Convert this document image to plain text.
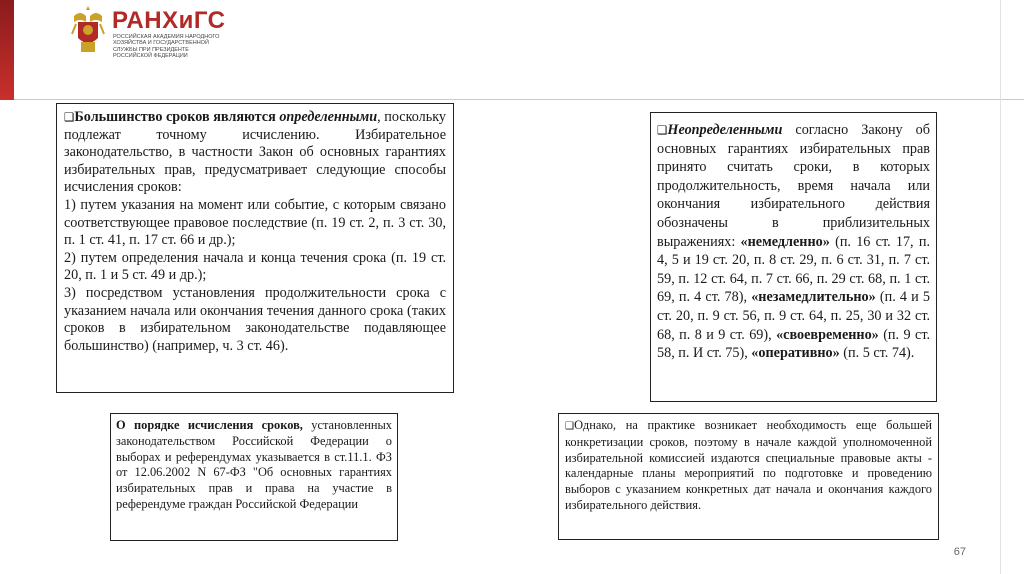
РАНХиГС
РОССИЙСКАЯ АКАДЕМИЯ НАРОДНОГО ХОЗЯЙСТВА И ГОСУДАРСТВЕННОЙ СЛУЖБЫ ПРИ ПРЕЗИДЕНТЕ РОССИЙСКОЙ ФЕДЕРАЦИИ

❑Большинство сроков являются определенными, поскольку подлежат точному исчислению. Избирательное законодательство, в частности Закон об основных гарантиях избирательных прав, предусматривает следующие способы исчисления сроков:

1) путем указания на момент или событие, с которым связано соответствующее правовое последствие (п. 19 ст. 2, п. 3 ст. 30, п. 1 ст. 41, п. 17 ст. 66 и др.);

2) путем определения начала и конца течения срока (п. 19 ст. 20, п. 1 и 5 ст. 49 и др.);

3) посредством установления продолжительности срока с указанием начала или окончания течения данного срока (таких сроков в избирательном законодательстве подавляющее большинство) (например, ч. 3 ст. 46).

❑Неопределенными согласно Закону об основных гарантиях избирательных прав принято считать сроки, в которых продолжительность, время начала или окончания избирательного действия обозначены в приблизительных выражениях: «немедленно» (п. 16 ст. 17, п. 4, 5 и 19 ст. 20, п. 8 ст. 29, п. 6 ст. 31, п. 7 ст. 59, п. 12 ст. 64, п. 7 ст. 66, п. 29 ст. 68, п. 1 ст. 69, п. 4 ст. 78), «незамедлительно» (п. 4 и 5 ст. 20, п. 9 ст. 56, п. 9 ст. 64, п. 25, 30 и 32 ст. 68, п. 8 и 9 ст. 69), «своевременно» (п. 9 ст. 58, п. И ст. 75), «оперативно» (п. 5 ст. 74).

О порядке исчисления сроков, установленных законодательством Российской Федерации о выборах и референдумах указывается в ст.11.1. ФЗ от 12.06.2002 N 67-ФЗ "Об основных гарантиях избирательных прав и права на участие в референдуме граждан Российской Федерации

❑Однако, на практике возникает необходимость еще большей конкретизации сроков, поэтому в начале каждой уполномоченной избирательной комиссией издаются специальные правовые акты - календарные планы мероприятий по подготовке и проведению выборов с указанием конкретных дат начала и окончания каждого избирательного действия.

67
